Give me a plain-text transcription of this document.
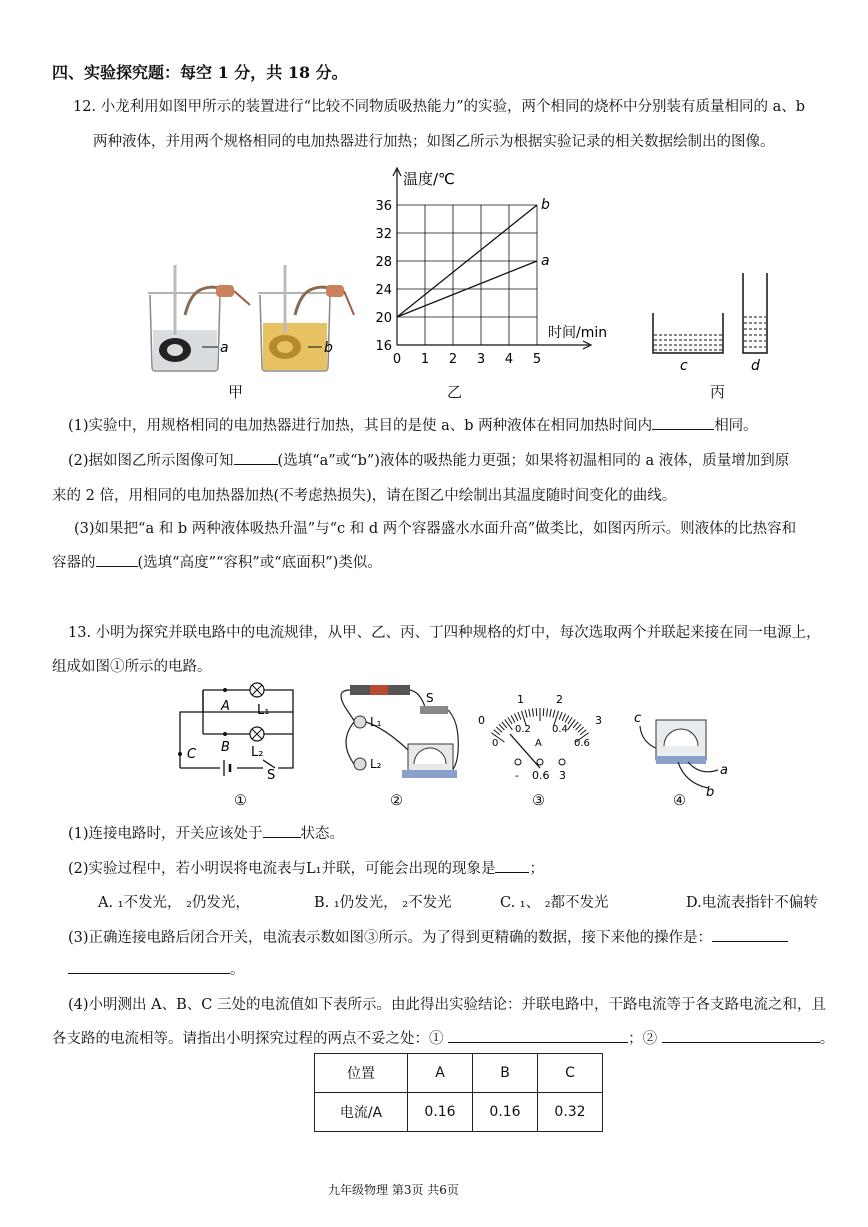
四、实验探究题：每空 1 分，共 18 分。
12. 小龙利用如图甲所示的装置进行“比较不同物质吸热能力”的实验，两个相同的烧杯中分别装有质量相同的 a、b
两种液体，并用两个规格相同的电加热器进行加热；如图乙所示为根据实验记录的相关数据绘制出的图像。
a	b
甲
温度/℃
时间/min
16
20
24
28
32
36
0 1 2 3 4 5
b
a
乙
c	d
丙
(1)实验中，用规格相同的电加热器进行加热，其目的是使 a、b 两种液体在相同加热时间内	相同。
(2)据如图乙所示图像可知	(选填“a”或“b”)液体的吸热能力更强；如果将初温相同的 a 液体，质量增加到原
来的 2 倍，用相同的电加热器加热(不考虑热损失)，请在图乙中绘制出其温度随时间变化的曲线。
(3)如果把“a 和 b 两种液体吸热升温”与“c 和 d 两个容器盛水水面升高”做类比，如图丙所示。则液体的比热容和
容器的	(选填“高度”“容积”或“底面积”)类似。
13. 小明为探究并联电路中的电流规律，从甲、乙、丙、丁四种规格的灯中，每次选取两个并联起来接在同一电源上，
组成如图①所示的电路。
A
B
C
L₁
L₂
S
①
S
L₁
L₂
②
0
1	2
3
0
0.2 0.4
0.6
A
- 0.6 3
③
c
a
b
④
(1)连接电路时，开关应该处于	状态。
(2)实验过程中，若小明误将电流表与L₁并联，可能会出现的现象是 ；
A. ₁不发光， ₂仍发光，	B. ₁仍发光， ₂不发光	C. ₁、 ₂都不发光	D.电流表指针不偏转
(3)正确连接电路后闭合开关，电流表示数如图③所示。为了得到更精确的数据，接下来他的操作是：
。
(4)小明测出 A、B、C 三处的电流值如下表所示。由此得出实验结论：并联电路中，干路电流等于各支路电流之和，且
各支路的电流相等。请指出小明探究过程的两点不妥之处：①	；②	。
位置	A	B	C
电流/A	0.16	0.16	0.32
九年级物理 第3页 共6页
